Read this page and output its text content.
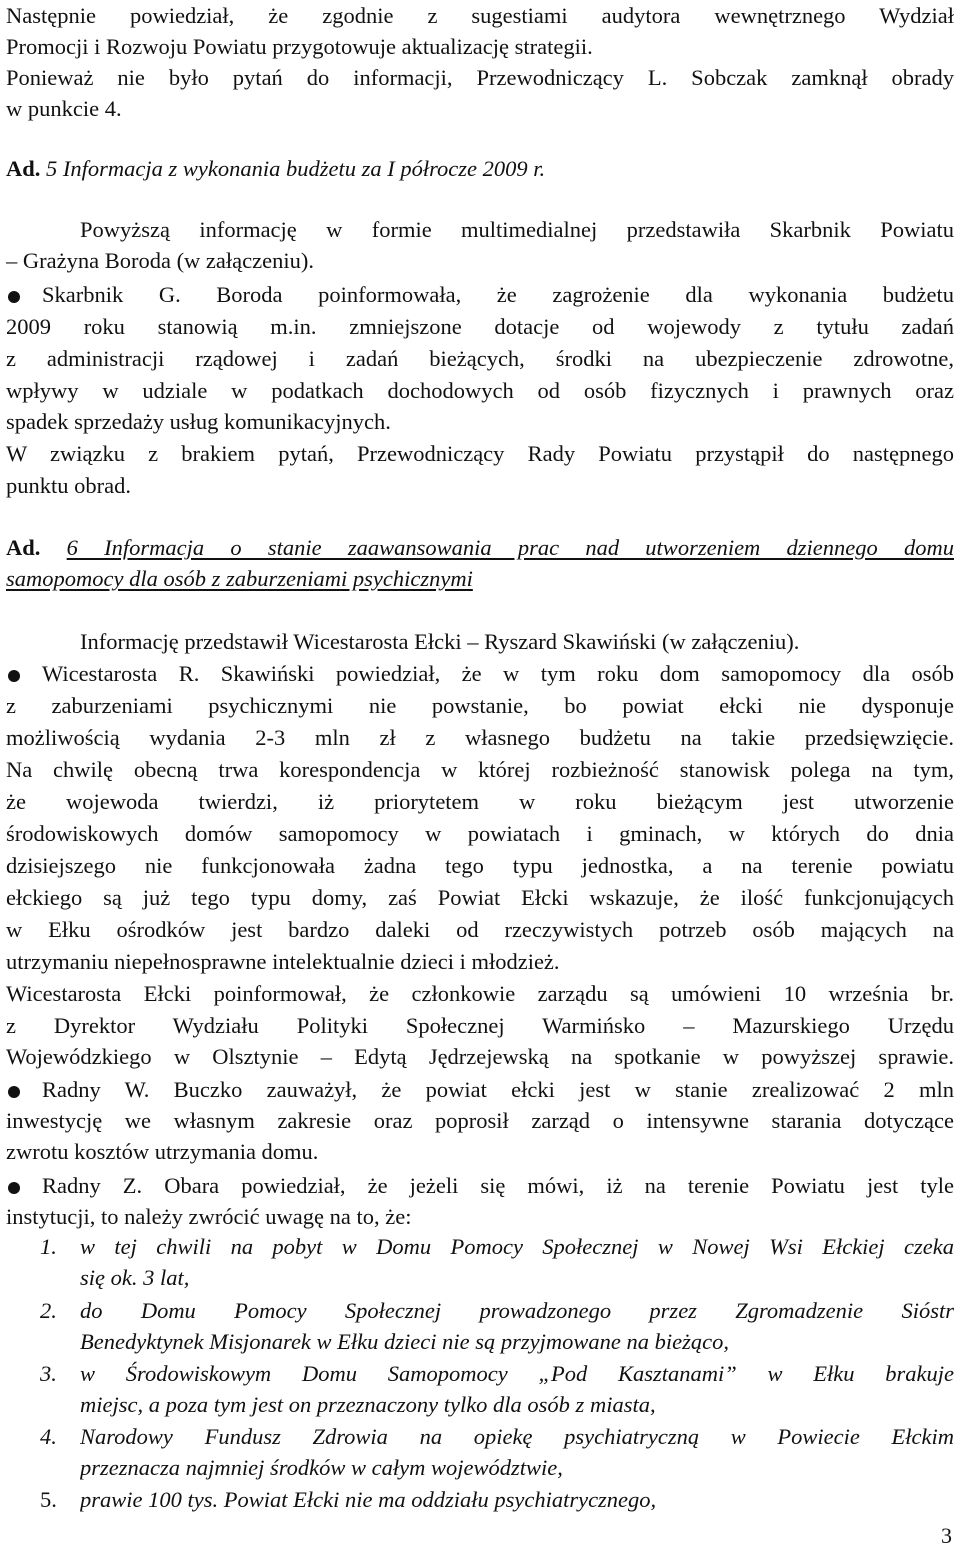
Następnie powiedział, że zgodnie z sugestiami audytora wewnętrznego Wydział
Promocji i Rozwoju Powiatu przygotowuje aktualizację strategii.
Ponieważ nie było pytań do informacji, Przewodniczący L. Sobczak zamknął obrady
w punkcie 4.
Ad. 5 Informacja z wykonania budżetu za I półrocze 2009 r.
Powyższą informację w formie multimedialnej przedstawiła Skarbnik Powiatu
– Grażyna Boroda (w załączeniu).
Skarbnik G. Boroda poinformowała, że zagrożenie dla wykonania budżetu
2009 roku stanowią m.in. zmniejszone dotacje od wojewody z tytułu zadań
z administracji rządowej i zadań bieżących, środki na ubezpieczenie zdrowotne,
wpływy w udziale w podatkach dochodowych od osób fizycznych i prawnych oraz
spadek sprzedaży usług komunikacyjnych.
W związku z brakiem pytań, Przewodniczący Rady Powiatu przystąpił do następnego
punktu obrad.
Ad. 6 Informacja o stanie zaawansowania prac nad utworzeniem dziennego domu
samopomocy dla osób z zaburzeniami psychicznymi
Informację przedstawił Wicestarosta Ełcki – Ryszard Skawiński (w załączeniu).
Wicestarosta R. Skawiński powiedział, że w tym roku dom samopomocy dla osób
z zaburzeniami psychicznymi nie powstanie, bo powiat ełcki nie dysponuje
możliwością wydania 2-3 mln zł z własnego budżetu na takie przedsięwzięcie.
Na chwilę obecną trwa korespondencja w której rozbieżność stanowisk polega na tym,
że wojewoda twierdzi, iż priorytetem w roku bieżącym jest utworzenie
środowiskowych domów samopomocy w powiatach i gminach, w których do dnia
dzisiejszego nie funkcjonowała żadna tego typu jednostka, a na terenie powiatu
ełckiego są już tego typu domy, zaś Powiat Ełcki wskazuje, że ilość funkcjonujących
w Ełku ośrodków jest bardzo daleki od rzeczywistych potrzeb osób mających na
utrzymaniu niepełnosprawne intelektualnie dzieci i młodzież.
Wicestarosta Ełcki poinformował, że członkowie zarządu są umówieni 10 września br.
z Dyrektor Wydziału Polityki Społecznej Warmińsko – Mazurskiego Urzędu
Wojewódzkiego w Olsztynie – Edytą Jędrzejewską na spotkanie w powyższej sprawie.
Radny W. Buczko zauważył, że powiat ełcki jest w stanie zrealizować 2 mln
inwestycję we własnym zakresie oraz poprosił zarząd o intensywne starania dotyczące
zwrotu kosztów utrzymania domu.
Radny Z. Obara powiedział, że jeżeli się mówi, iż na terenie Powiatu jest tyle
instytucji, to należy zwrócić uwagę na to, że:
1. w tej chwili na pobyt w Domu Pomocy Społecznej w Nowej Wsi Ełckiej czeka
się ok. 3 lat,
2. do Domu Pomocy Społecznej prowadzonego przez Zgromadzenie Sióstr
Benedyktynek Misjonarek w Ełku dzieci nie są przyjmowane na bieżąco,
3. w Środowiskowym Domu Samopomocy „Pod Kasztanami” w Ełku brakuje
miejsc, a poza tym jest on przeznaczony tylko dla osób z miasta,
4. Narodowy Fundusz Zdrowia na opiekę psychiatryczną w Powiecie Ełckim
przeznacza najmniej środków w całym województwie,
5. prawie 100 tys. Powiat Ełcki nie ma oddziału psychiatrycznego,
3
